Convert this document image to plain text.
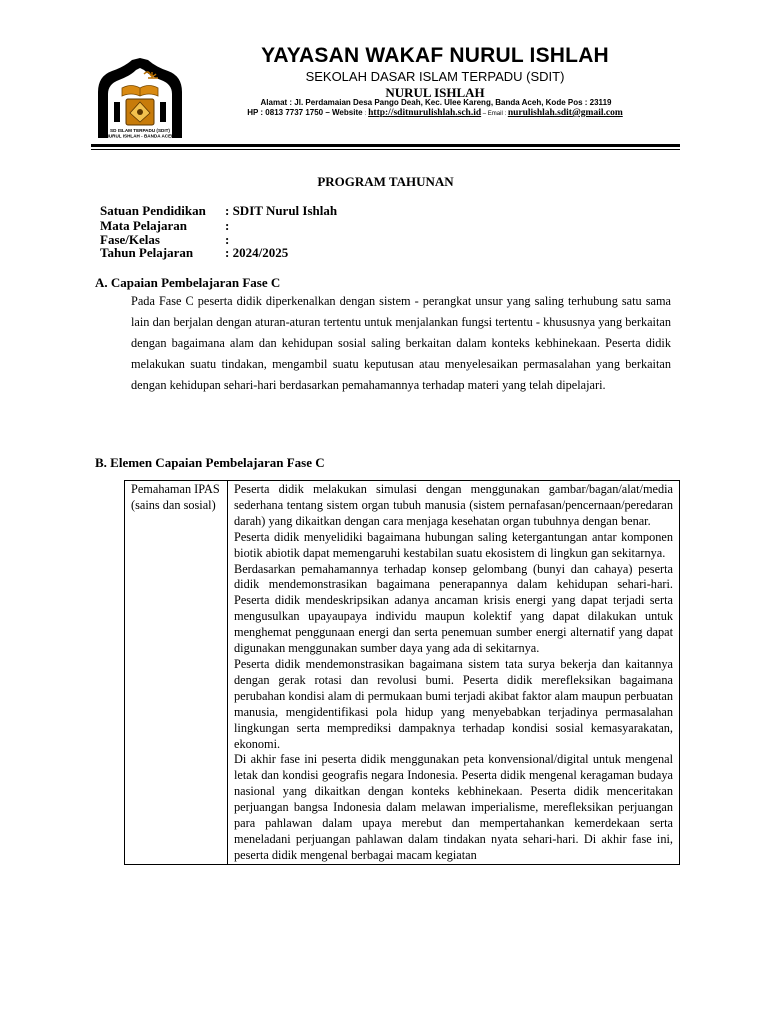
SD ISLAM TERPADU (SDIT)
NURUL ISHLAH - BANDA ACEH
YAYASAN WAKAF NURUL ISHLAH
SEKOLAH DASAR ISLAM TERPADU (SDIT)
NURUL ISHLAH
Alamat : Jl. Perdamaian Desa Pango Deah, Kec. Ulee Kareng, Banda Aceh, Kode Pos : 23119
HP : 0813 7737 1750 – Website : http://sditnurulishlah.sch.id – Email : nurulishlah.sdit@gmail.com
PROGRAM TAHUNAN
Satuan Pendidikan : SDIT Nurul Ishlah
Mata Pelajaran	:
Fase/Kelas	:
Tahun Pelajaran : 2024/2025
A. Capaian Pembelajaran Fase C
Pada Fase C peserta didik diperkenalkan dengan sistem - perangkat unsur yang saling terhubung satu sama lain dan berjalan dengan aturan-aturan tertentu untuk menjalankan fungsi tertentu - khususnya yang berkaitan dengan bagaimana alam dan kehidupan sosial saling berkaitan dalam konteks kebhinekaan. Peserta didik melakukan suatu tindakan, mengambil suatu keputusan atau menyelesaikan permasalahan yang berkaitan dengan kehidupan sehari-hari berdasarkan pemahamannya terhadap materi yang telah dipelajari.
B. Elemen Capaian Pembelajaran Fase C
Pemahaman IPAS (sains dan sosial)	

Peserta didik melakukan simulasi dengan menggunakan gambar/bagan/alat/media sederhana tentang sistem organ tubuh manusia (sistem pernafasan/pencernaan/peredaran darah) yang dikaitkan dengan cara menjaga kesehatan organ tubuhnya dengan benar.

Peserta didik menyelidiki bagaimana hubungan saling ketergantungan antar komponen biotik abiotik dapat memengaruhi kestabilan suatu ekosistem di lingkun gan sekitarnya.

Berdasarkan pemahamannya terhadap konsep gelombang (bunyi dan cahaya) peserta didik mendemonstrasikan bagaimana penerapannya dalam kehidupan sehari-hari. Peserta didik mendeskripsikan adanya ancaman krisis energi yang dapat terjadi serta mengusulkan upayaupaya individu maupun kolektif yang dapat dilakukan untuk menghemat penggunaan energi dan serta penemuan sumber energi alternatif yang dapat digunakan menggunakan sumber daya yang ada di sekitarnya.

Peserta didik mendemonstrasikan bagaimana sistem tata surya bekerja dan kaitannya dengan gerak rotasi dan revolusi bumi. Peserta didik merefleksikan bagaimana perubahan kondisi alam di permukaan bumi terjadi akibat faktor alam maupun perbuatan manusia, mengidentifikasi pola hidup yang menyebabkan terjadinya permasalahan lingkungan serta memprediksi dampaknya terhadap kondisi sosial kemasyarakatan, ekonomi.

Di akhir fase ini peserta didik menggunakan peta konvensional/digital untuk mengenal letak dan kondisi geografis negara Indonesia. Peserta didik mengenal keragaman budaya nasional yang dikaitkan dengan konteks kebhinekaan. Peserta didik menceritakan perjuangan bangsa Indonesia dalam melawan imperialisme, merefleksikan perjuangan para pahlawan dalam upaya merebut dan mempertahankan kemerdekaan serta meneladani perjuangan pahlawan dalam tindakan nyata sehari-hari. Di akhir fase ini, peserta didik mengenal berbagai macam kegiatan
